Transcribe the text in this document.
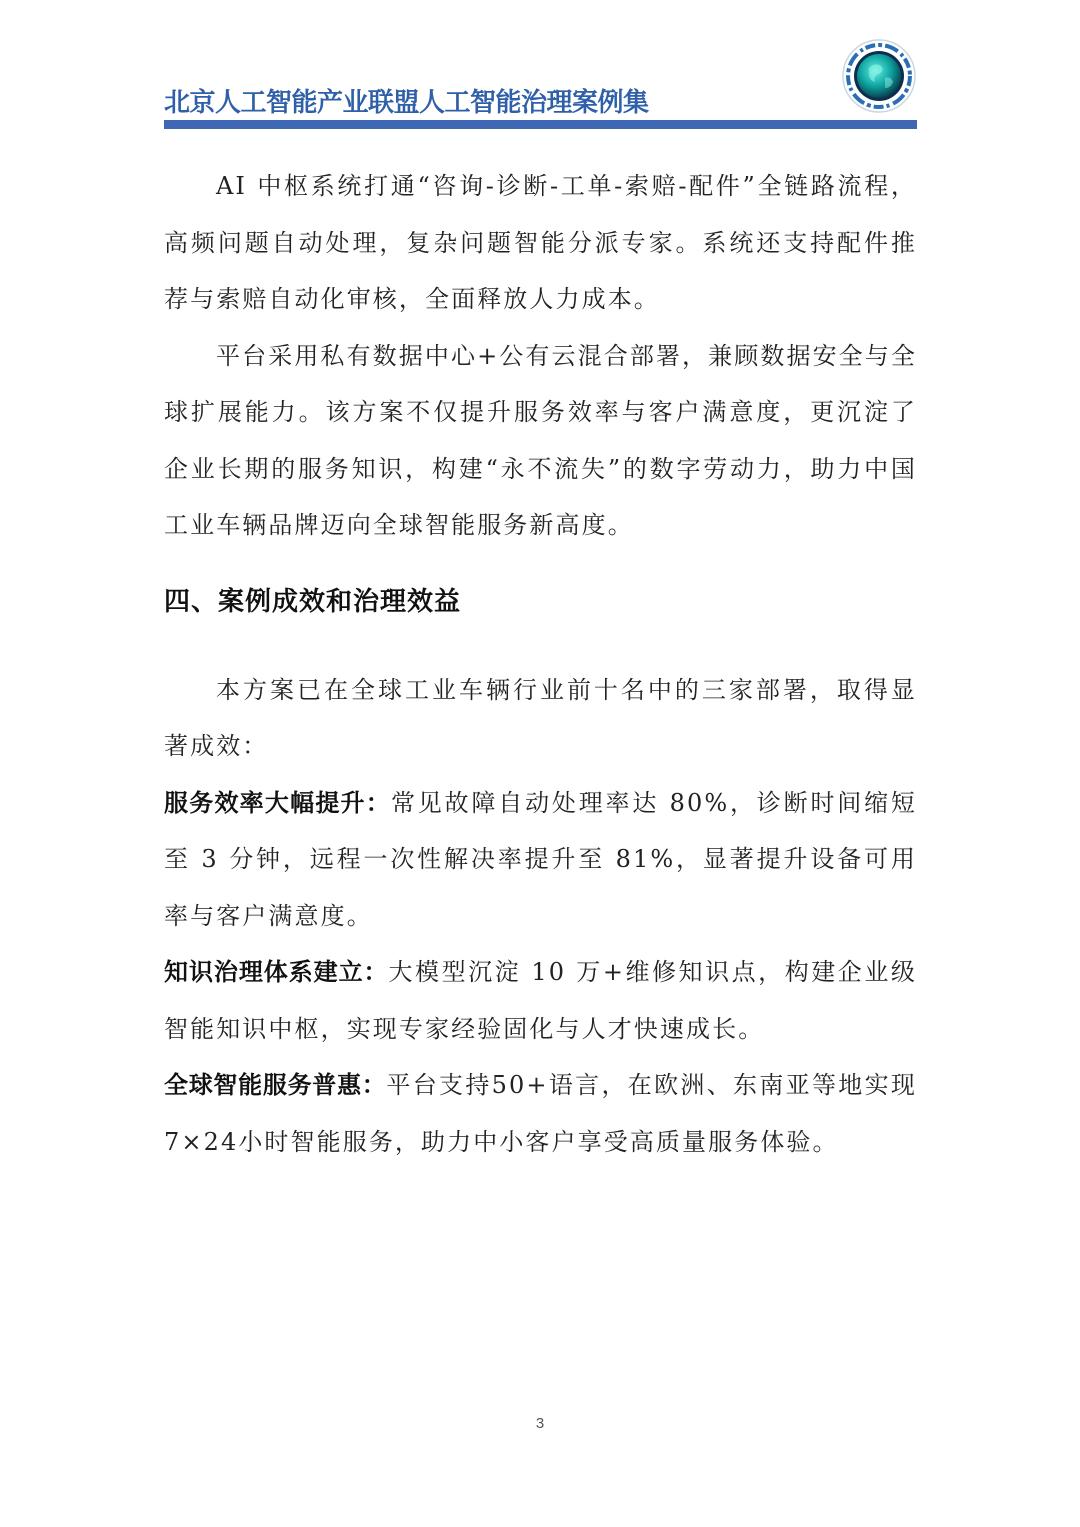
北京人工智能产业联盟人工智能治理案例集

AI 中枢系统打通“咨询-诊断-工单-索赔-配件”全链路流程，高频问题自动处理，复杂问题智能分派专家。系统还支持配件推荐与索赔自动化审核，全面释放人力成本。

平台采用私有数据中心+公有云混合部署，兼顾数据安全与全球扩展能力。该方案不仅提升服务效率与客户满意度，更沉淀了企业长期的服务知识，构建“永不流失”的数字劳动力，助力中国工业车辆品牌迈向全球智能服务新高度。

四、案例成效和治理效益

本方案已在全球工业车辆行业前十名中的三家部署，取得显著成效：

服务效率大幅提升：常见故障自动处理率达 80%，诊断时间缩短至 3 分钟，远程一次性解决率提升至 81%，显著提升设备可用率与客户满意度。

知识治理体系建立：大模型沉淀 10 万+维修知识点，构建企业级智能知识中枢，实现专家经验固化与人才快速成长。

全球智能服务普惠：平台支持50+语言，在欧洲、东南亚等地实现7×24小时智能服务，助力中小客户享受高质量服务体验。

3
